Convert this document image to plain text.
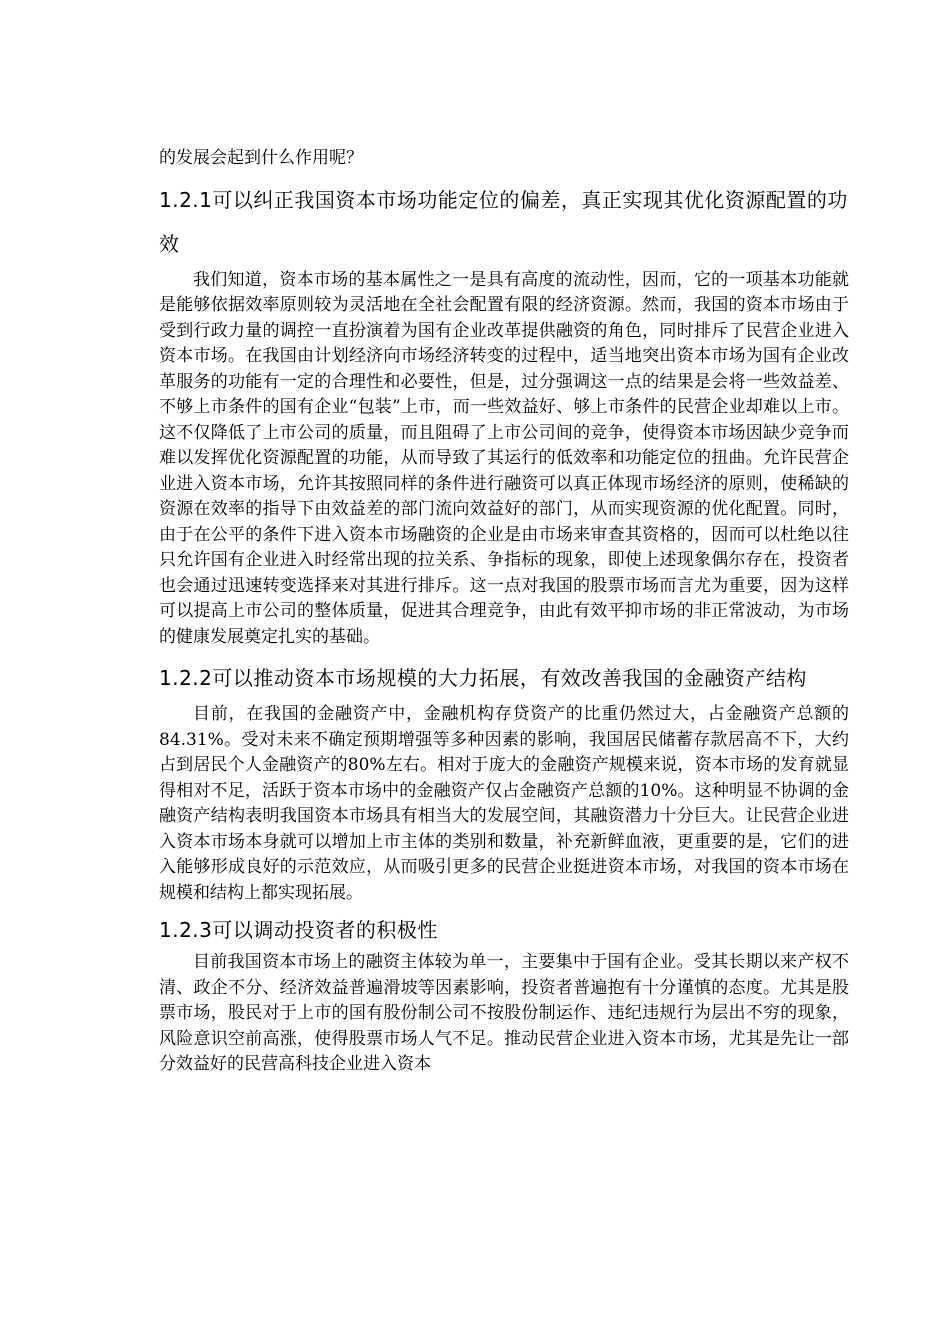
的发展会起到什么作用呢？

1.2.1可以纠正我国资本市场功能定位的偏差，真正实现其优化资源配置的功效

我们知道，资本市场的基本属性之一是具有高度的流动性，因而，它的一项基本功能就是能够依据效率原则较为灵活地在全社会配置有限的经济资源。然而，我国的资本市场由于受到行政力量的调控一直扮演着为国有企业改革提供融资的角色，同时排斥了民营企业进入资本市场。在我国由计划经济向市场经济转变的过程中，适当地突出资本市场为国有企业改革服务的功能有一定的合理性和必要性，但是，过分强调这一点的结果是会将一些效益差、不够上市条件的国有企业“包装”上市，而一些效益好、够上市条件的民营企业却难以上市。这不仅降低了上市公司的质量，而且阻碍了上市公司间的竞争，使得资本市场因缺少竞争而难以发挥优化资源配置的功能，从而导致了其运行的低效率和功能定位的扭曲。允许民营企业进入资本市场，允许其按照同样的条件进行融资可以真正体现市场经济的原则，使稀缺的资源在效率的指导下由效益差的部门流向效益好的部门，从而实现资源的优化配置。同时，由于在公平的条件下进入资本市场融资的企业是由市场来审查其资格的，因而可以杜绝以往只允许国有企业进入时经常出现的拉关系、争指标的现象，即使上述现象偶尔存在，投资者也会通过迅速转变选择来对其进行排斥。这一点对我国的股票市场而言尤为重要，因为这样可以提高上市公司的整体质量，促进其合理竞争，由此有效平抑市场的非正常波动，为市场的健康发展奠定扎实的基础。

1.2.2可以推动资本市场规模的大力拓展，有效改善我国的金融资产结构

目前，在我国的金融资产中，金融机构存贷资产的比重仍然过大，占金融资产总额的84.31%。受对未来不确定预期增强等多种因素的影响，我国居民储蓄存款居高不下，大约占到居民个人金融资产的80%左右。相对于庞大的金融资产规模来说，资本市场的发育就显得相对不足，活跃于资本市场中的金融资产仅占金融资产总额的10%。这种明显不协调的金融资产结构表明我国资本市场具有相当大的发展空间，其融资潜力十分巨大。让民营企业进入资本市场本身就可以增加上市主体的类别和数量，补充新鲜血液，更重要的是，它们的进入能够形成良好的示范效应，从而吸引更多的民营企业挺进资本市场，对我国的资本市场在规模和结构上都实现拓展。

1.2.3可以调动投资者的积极性

目前我国资本市场上的融资主体较为单一，主要集中于国有企业。受其长期以来产权不清、政企不分、经济效益普遍滑坡等因素影响，投资者普遍抱有十分谨慎的态度。尤其是股票市场，股民对于上市的国有股份制公司不按股份制运作、违纪违规行为层出不穷的现象，风险意识空前高涨，使得股票市场人气不足。推动民营企业进入资本市场，尤其是先让一部分效益好的民营高科技企业进入资本
